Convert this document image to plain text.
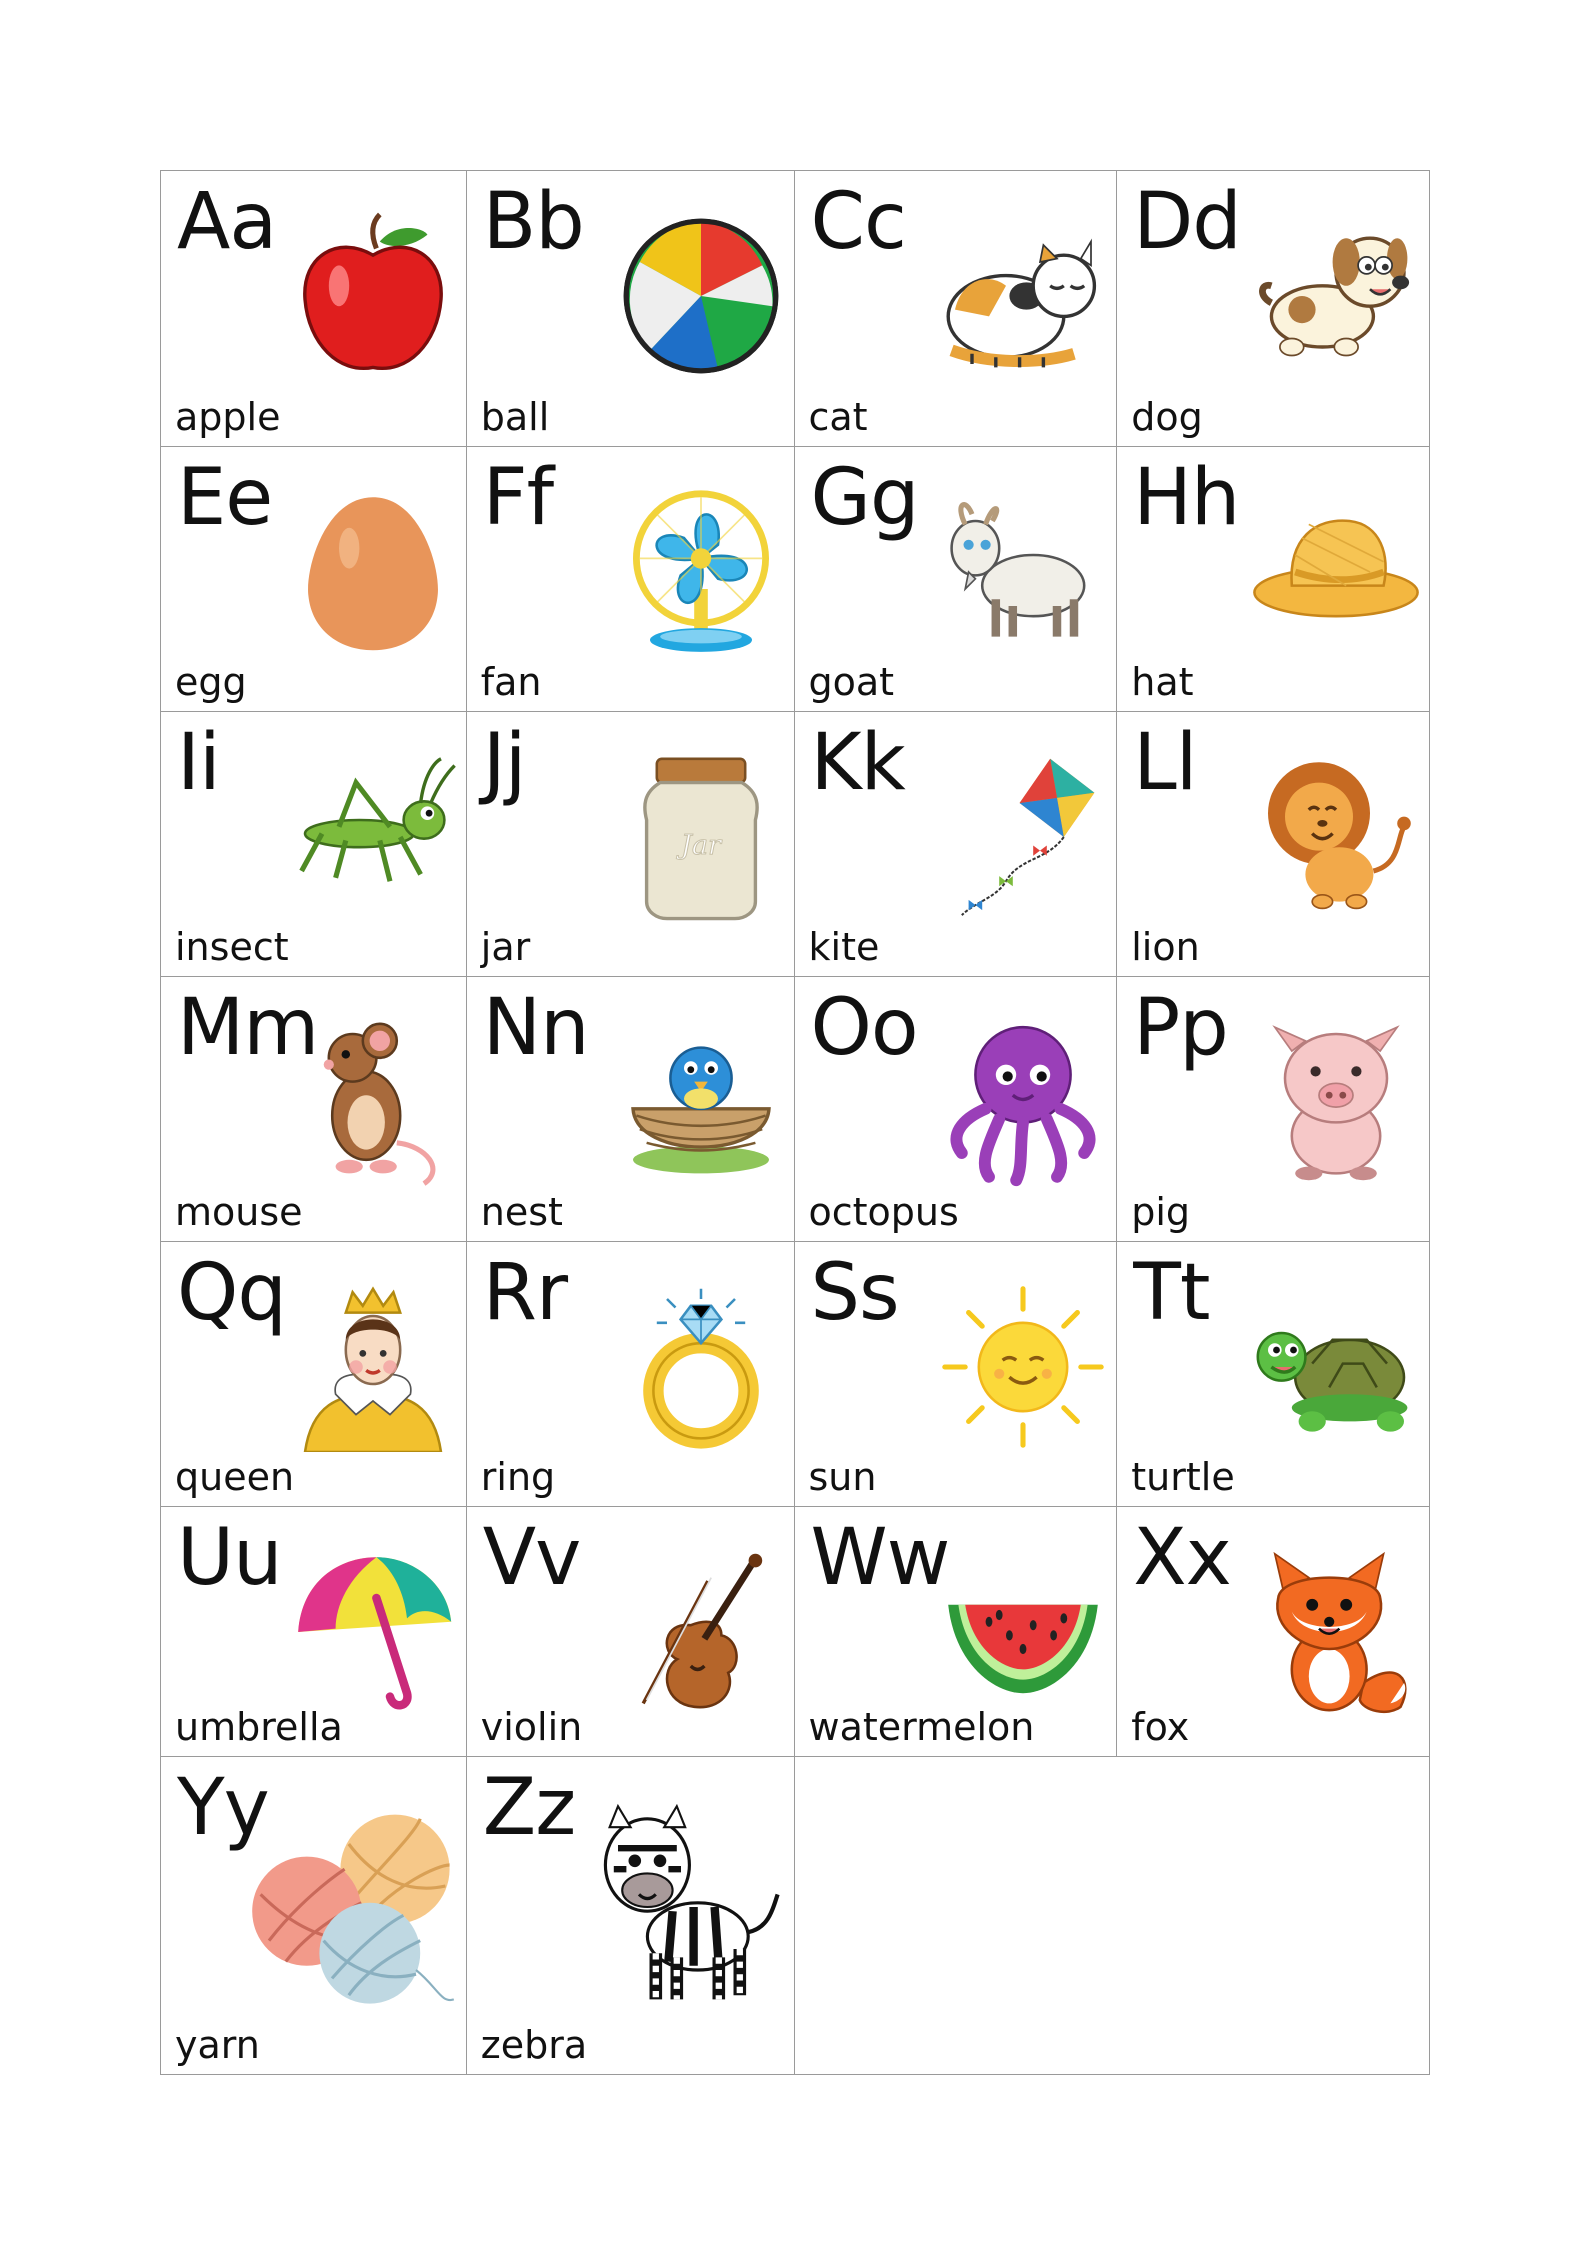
Aa
apple
Bb
ball
Cc
cat
Dd
dog
Ee
egg
Ff
fan
Gg
goat
Hh
hat
Ii
insect
Jj
Jar
jar
Kk
kite
Ll
lion
Mm
mouse
Nn
nest
Oo
octopus
Pp
pig
Qq
queen
Rr
ring
Ss
sun
Tt
turtle
Uu
umbrella
Vv
violin
Ww
watermelon
Xx
fox
Yy
yarn
Zz
zebra
